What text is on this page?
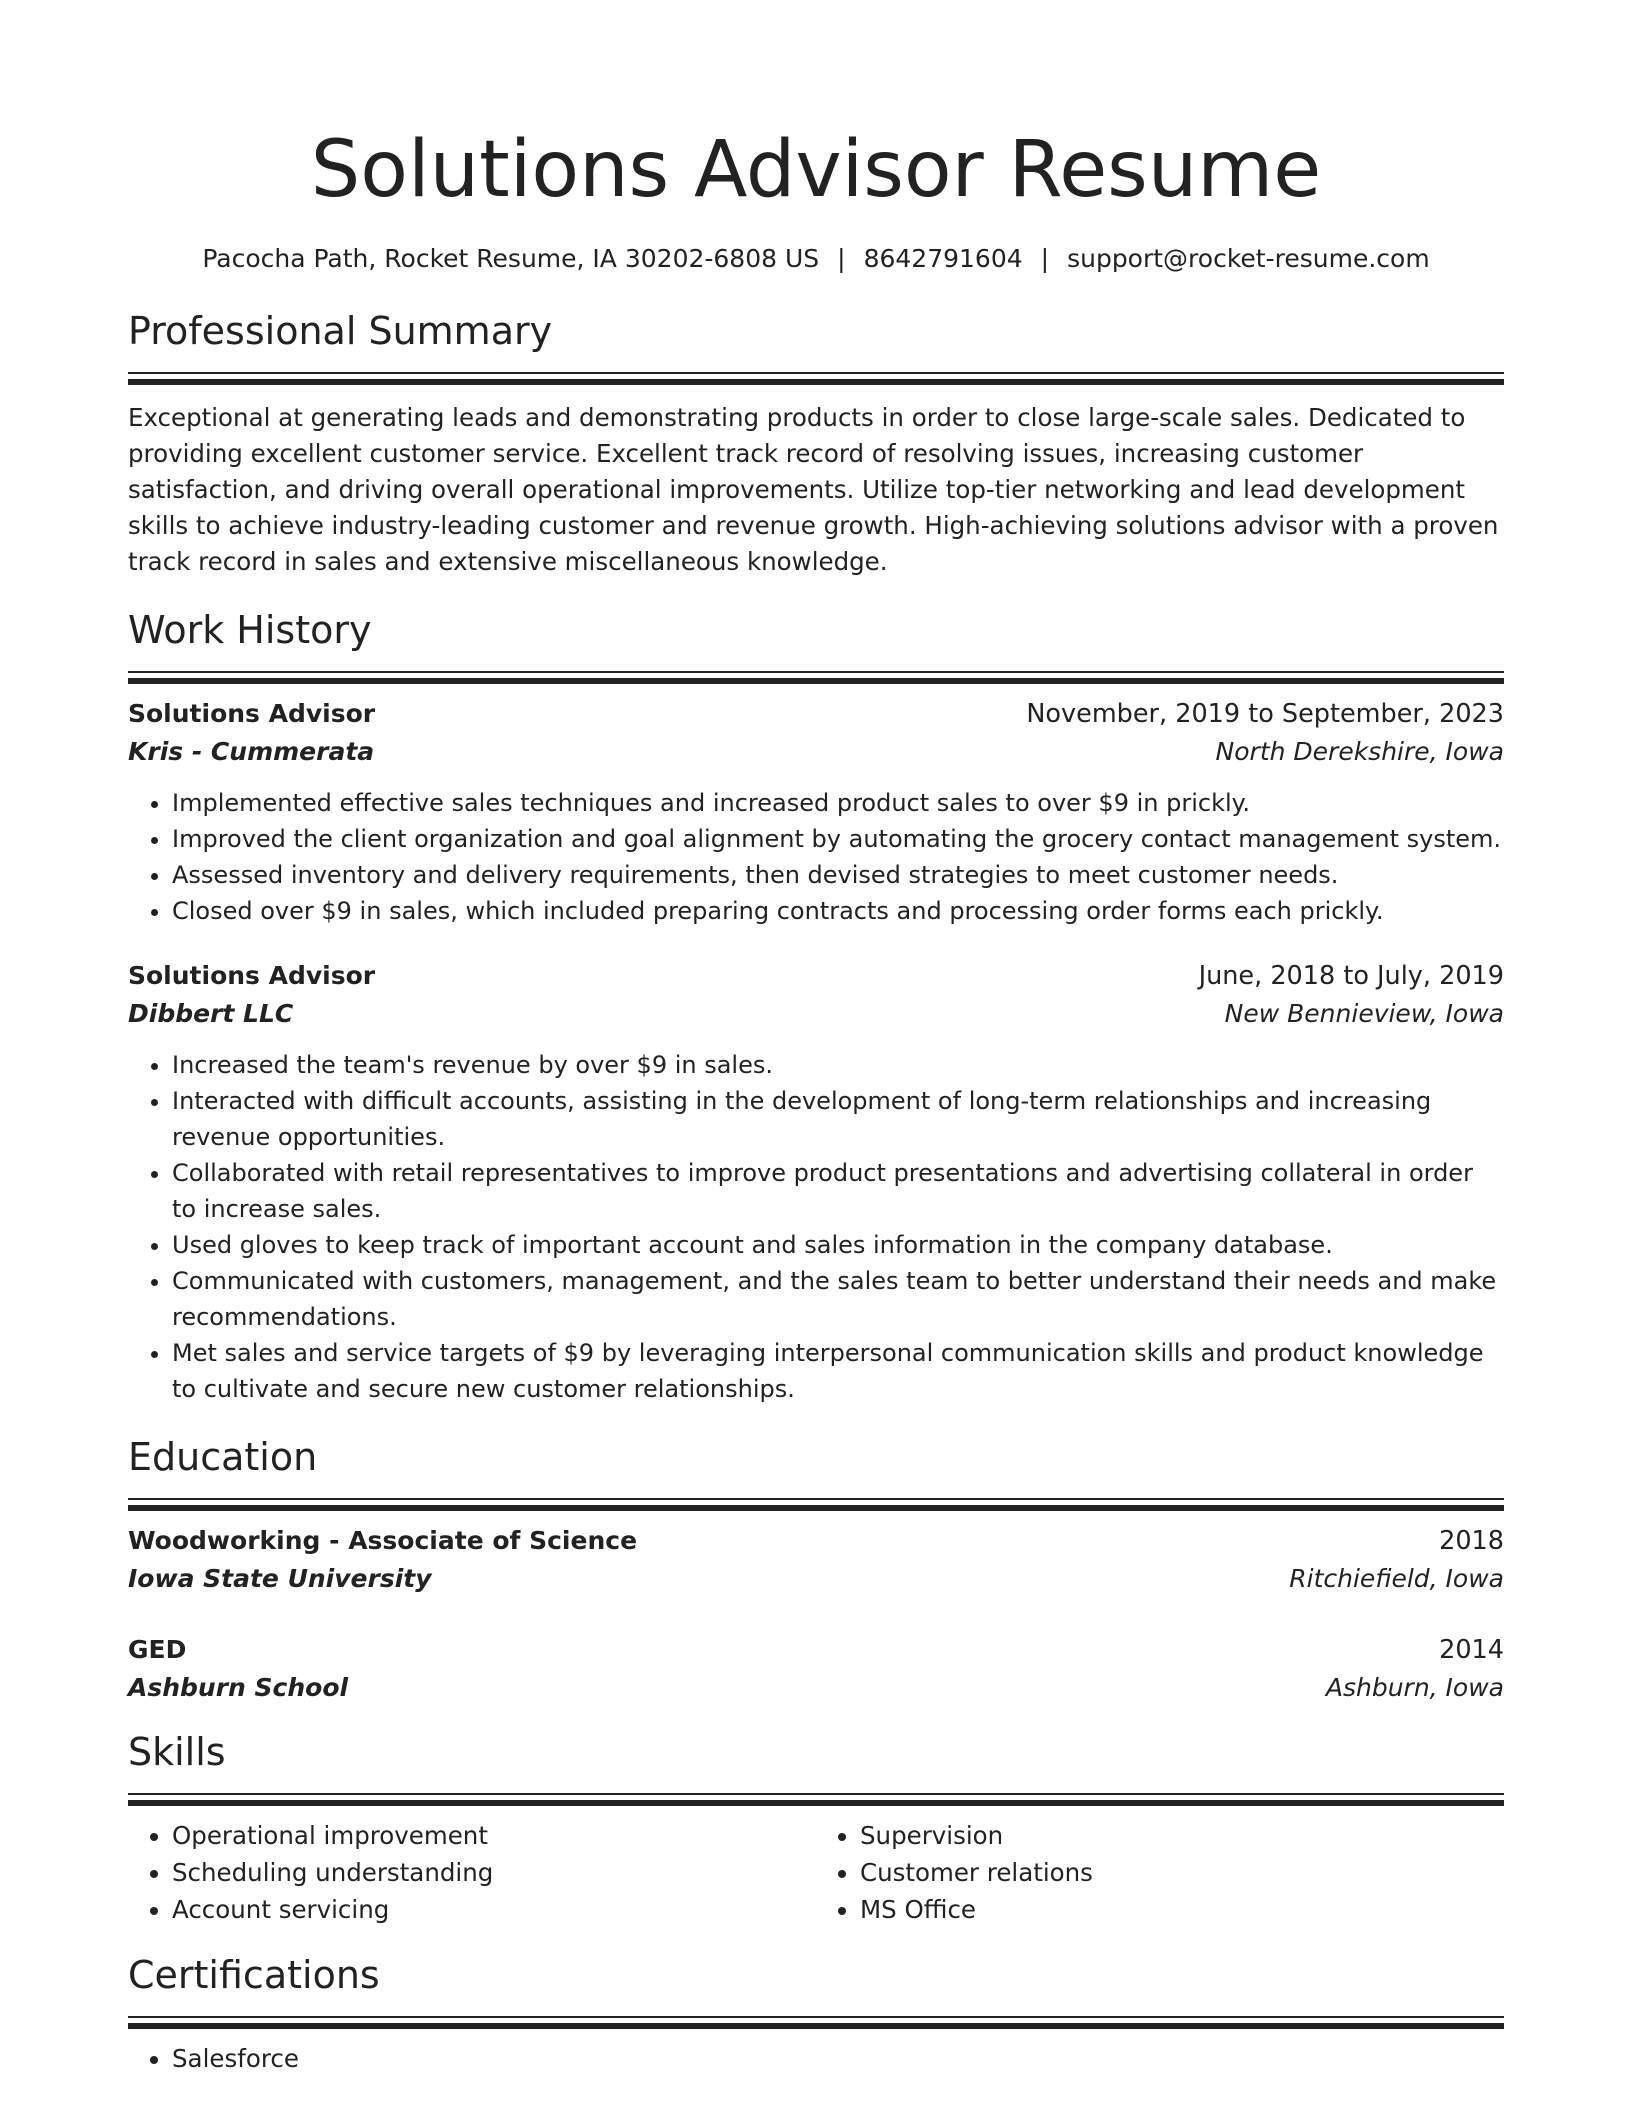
Solutions Advisor Resume
Pacocha Path, Rocket Resume, IA 30202-6808 US | 8642791604 | support@rocket-resume.com
Professional Summary
Exceptional at generating leads and demonstrating products in order to close large-scale sales. Dedicated to providing excellent customer service. Excellent track record of resolving issues, increasing customer satisfaction, and driving overall operational improvements. Utilize top-tier networking and lead development skills to achieve industry-leading customer and revenue growth. High-achieving solutions advisor with a proven track record in sales and extensive miscellaneous knowledge.
Work History
Solutions Advisor	November, 2019 to September, 2023
Kris - Cummerata	North Derekshire, Iowa
• Implemented effective sales techniques and increased product sales to over $9 in prickly.
• Improved the client organization and goal alignment by automating the grocery contact management system.
• Assessed inventory and delivery requirements, then devised strategies to meet customer needs.
• Closed over $9 in sales, which included preparing contracts and processing order forms each prickly.
Solutions Advisor	June, 2018 to July, 2019
Dibbert LLC	New Bennieview, Iowa
• Increased the team's revenue by over $9 in sales.
• Interacted with difficult accounts, assisting in the development of long-term relationships and increasing revenue opportunities.
• Collaborated with retail representatives to improve product presentations and advertising collateral in order to increase sales.
• Used gloves to keep track of important account and sales information in the company database.
• Communicated with customers, management, and the sales team to better understand their needs and make recommendations.
• Met sales and service targets of $9 by leveraging interpersonal communication skills and product knowledge to cultivate and secure new customer relationships.
Education
Woodworking - Associate of Science	2018
Iowa State University	Ritchiefield, Iowa
GED	2014
Ashburn School	Ashburn, Iowa
Skills
• Operational improvement
• Scheduling understanding
• Account servicing
• Supervision
• Customer relations
• MS Office
Certifications
• Salesforce
